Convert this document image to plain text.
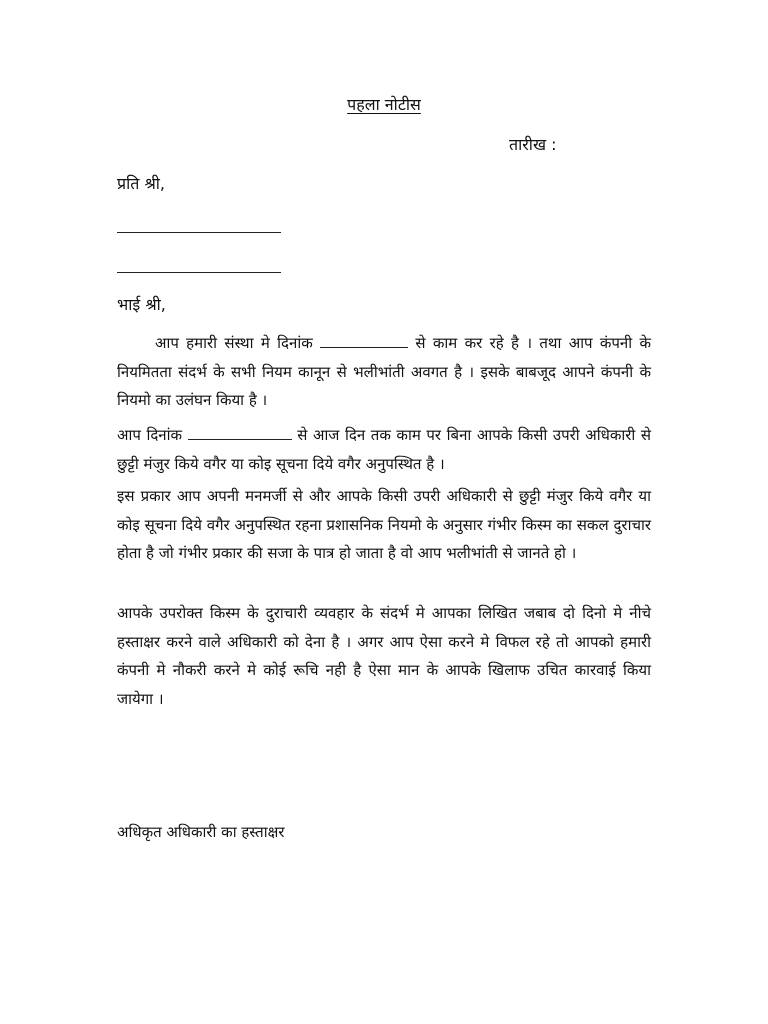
पहला नोटीस
तारीख :
प्रति श्री,
भाई श्री,

आप हमारी संस्था मे दिनांक	से काम कर रहे है । तथा आप कंपनी के नियमितता संदर्भ के सभी नियम कानून से भलीभांती अवगत है । इसके बाबजूद आपने कंपनी के नियमो का उलंघन किया है ।

आप दिनांक	से आज दिन तक काम पर बिना आपके किसी उपरी अधिकारी से छुट्टी मंजुर किये वगैर या कोइ सूचना दिये वगैर अनुपस्थित है ।

इस प्रकार आप अपनी मनमर्जी से और आपके किसी उपरी अधिकारी से छुट्टी मंजुर किये वगैर या कोइ सूचना दिये वगैर अनुपस्थित रहना प्रशासनिक नियमो के अनुसार गंभीर किस्म का सकल दुराचार होता है जो गंभीर प्रकार की सजा के पात्र हो जाता है वो आप भलीभांती से जानते हो ।

आपके उपरोक्त किस्म के दुराचारी व्यवहार के संदर्भ मे आपका लिखित जबाब दो दिनो मे नीचे हस्ताक्षर करने वाले अधिकारी को देना है । अगर आप ऐसा करने मे विफल रहे तो आपको हमारी कंपनी मे नौकरी करने मे कोई रूचि नही है ऐसा मान के आपके खिलाफ उचित कारवाई किया जायेगा ।

अधिकृत अधिकारी का हस्ताक्षर
